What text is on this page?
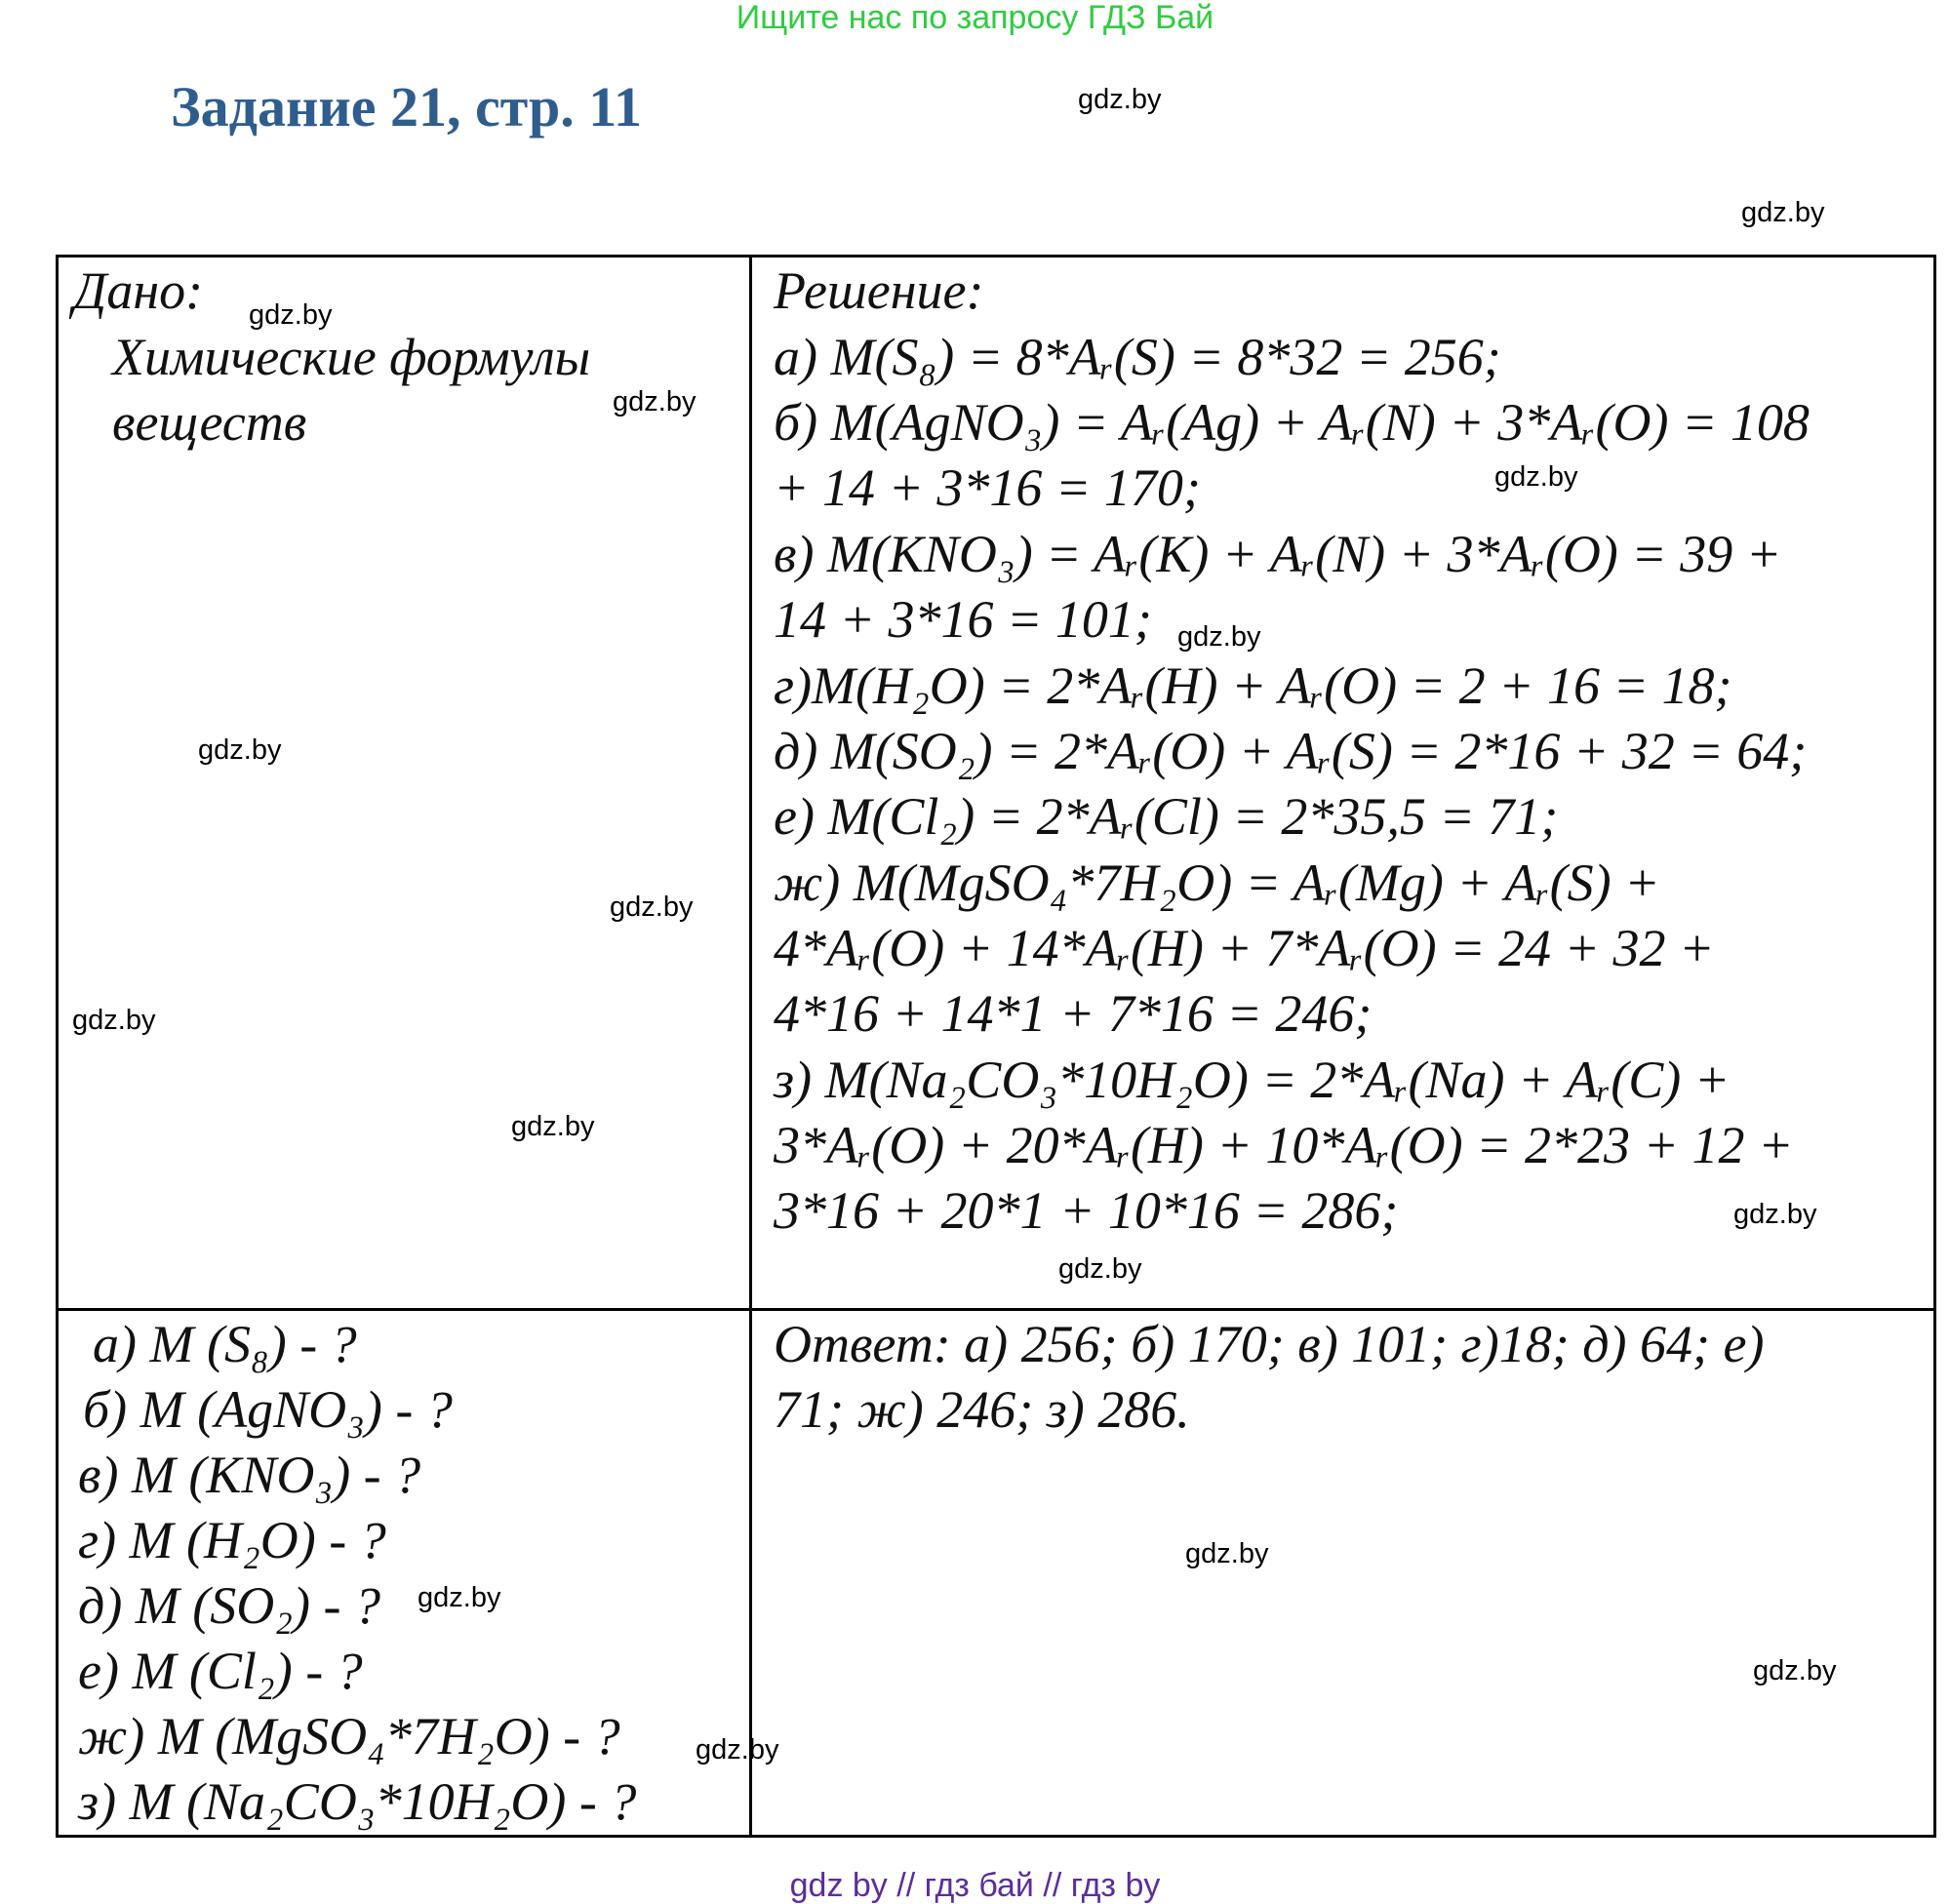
Ищите нас по запросу ГДЗ Бай
Задание 21, стр. 11
Дано:
Химические формулы
веществ
Решение:
а) M(S₈) = 8*Aᵣ(S) = 8*32 = 256;
б) M(AgNO₃) = Aᵣ(Ag) + Aᵣ(N) + 3*Aᵣ(O) = 108
+ 14 + 3*16 = 170;
в) M(KNO₃) = Aᵣ(K) + Aᵣ(N) + 3*Aᵣ(O) = 39 +
14 + 3*16 = 101;
г)M(H₂O) = 2*Aᵣ(H) + Aᵣ(O) = 2 + 16 = 18;
д) M(SO₂) = 2*Aᵣ(O) + Aᵣ(S) = 2*16 + 32 = 64;
е) M(Cl₂) = 2*Aᵣ(Cl) = 2*35,5 = 71;
ж) M(MgSO₄*7H₂O) = Aᵣ(Mg) + Aᵣ(S) +
4*Aᵣ(O) + 14*Aᵣ(H) + 7*Aᵣ(O) = 24 + 32 +
4*16 + 14*1 + 7*16 = 246;
з) M(Na₂CO₃*10H₂O) = 2*Aᵣ(Na) + Aᵣ(C) +
3*Aᵣ(O) + 20*Aᵣ(H) + 10*Aᵣ(O) = 2*23 + 12 +
3*16 + 20*1 + 10*16 = 286;
а) M (S₈) - ?
б) M (AgNO₃) - ?
в) M (KNO₃) - ?
г) M (H₂O) - ?
д) M (SO₂) - ?
е) M (Cl₂) - ?
ж) M (MgSO₄*7H₂O) - ?
з) M (Na₂CO₃*10H₂O) - ?
Ответ: а) 256; б) 170; в) 101; г)18; д) 64; е)
71; ж) 246; з) 286.
gdz.by
gdz.by
gdz.by
gdz.by
gdz.by
gdz.by
gdz.by
gdz.by
gdz.by
gdz.by
gdz.by
gdz.by
gdz.by
gdz.by
gdz.by
gdz.by
gdz by // гдз бай // гдз by
